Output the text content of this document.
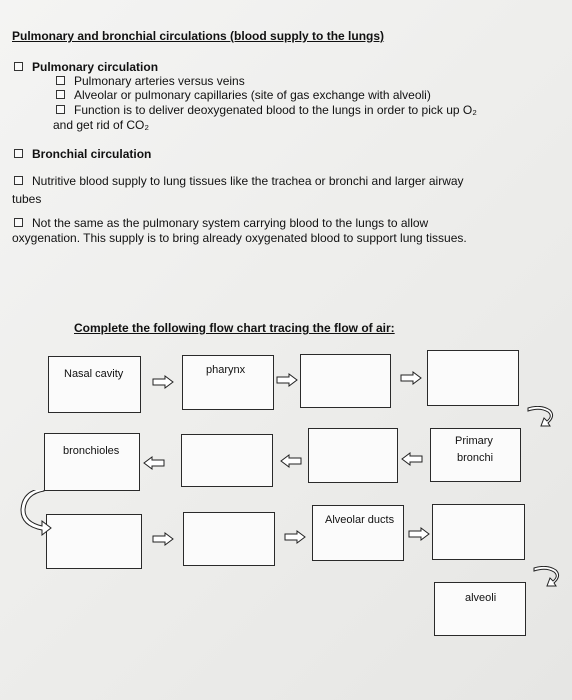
Pulmonary and bronchial circulations (blood supply to the lungs)
Pulmonary circulation
Pulmonary arteries versus veins
Alveolar or pulmonary capillaries (site of gas exchange with alveoli)
Function is to deliver deoxygenated blood to the lungs in order to pick up O₂
and get rid of CO₂
Bronchial circulation
Nutritive blood supply to lung tissues like the trachea or bronchi and larger airway
tubes
Not the same as the pulmonary system carrying blood to the lungs to allow
oxygenation. This supply is to bring already oxygenated blood to support lung tissues.
Complete the following flow chart tracing the flow of air:
Nasal cavity	pharynx
bronchioles
Primary
bronchi
Alveolar ducts
alveoli
